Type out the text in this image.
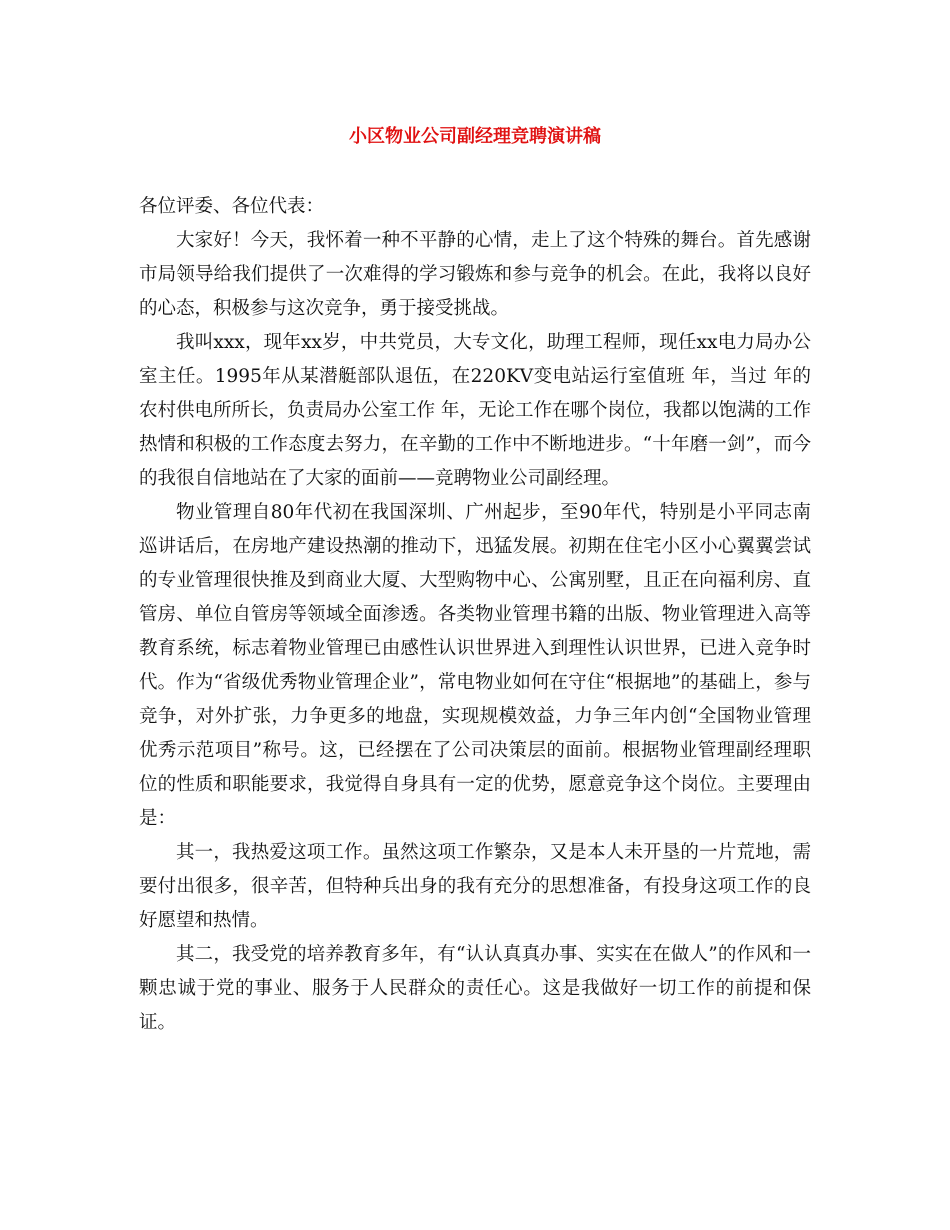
小区物业公司副经理竞聘演讲稿

各位评委、各位代表：

大家好！今天，我怀着一种不平静的心情，走上了这个特殊的舞台。首先感谢市局领导给我们提供了一次难得的学习锻炼和参与竞争的机会。在此，我将以良好的心态，积极参与这次竞争，勇于接受挑战。

我叫xxx，现年xx岁，中共党员，大专文化，助理工程师，现任xx电力局办公室主任。1995年从某潜艇部队退伍，在220KV变电站运行室值班 年，当过 年的农村供电所所长，负责局办公室工作 年，无论工作在哪个岗位，我都以饱满的工作热情和积极的工作态度去努力，在辛勤的工作中不断地进步。“十年磨一剑”，而今的我很自信地站在了大家的面前——竞聘物业公司副经理。

物业管理自80年代初在我国深圳、广州起步，至90年代，特别是小平同志南巡讲话后，在房地产建设热潮的推动下，迅猛发展。初期在住宅小区小心翼翼尝试的专业管理很快推及到商业大厦、大型购物中心、公寓别墅，且正在向福利房、直管房、单位自管房等领域全面渗透。各类物业管理书籍的出版、物业管理进入高等教育系统，标志着物业管理已由感性认识世界进入到理性认识世界，已进入竞争时代。作为“省级优秀物业管理企业”，常电物业如何在守住“根据地”的基础上，参与竞争，对外扩张，力争更多的地盘，实现规模效益，力争三年内创“全国物业管理优秀示范项目”称号。这，已经摆在了公司决策层的面前。根据物业管理副经理职位的性质和职能要求，我觉得自身具有一定的优势，愿意竞争这个岗位。主要理由是：

其一，我热爱这项工作。虽然这项工作繁杂，又是本人未开垦的一片荒地，需要付出很多，很辛苦，但特种兵出身的我有充分的思想准备，有投身这项工作的良好愿望和热情。

其二，我受党的培养教育多年，有“认认真真办事、实实在在做人”的作风和一颗忠诚于党的事业、服务于人民群众的责任心。这是我做好一切工作的前提和保证。
